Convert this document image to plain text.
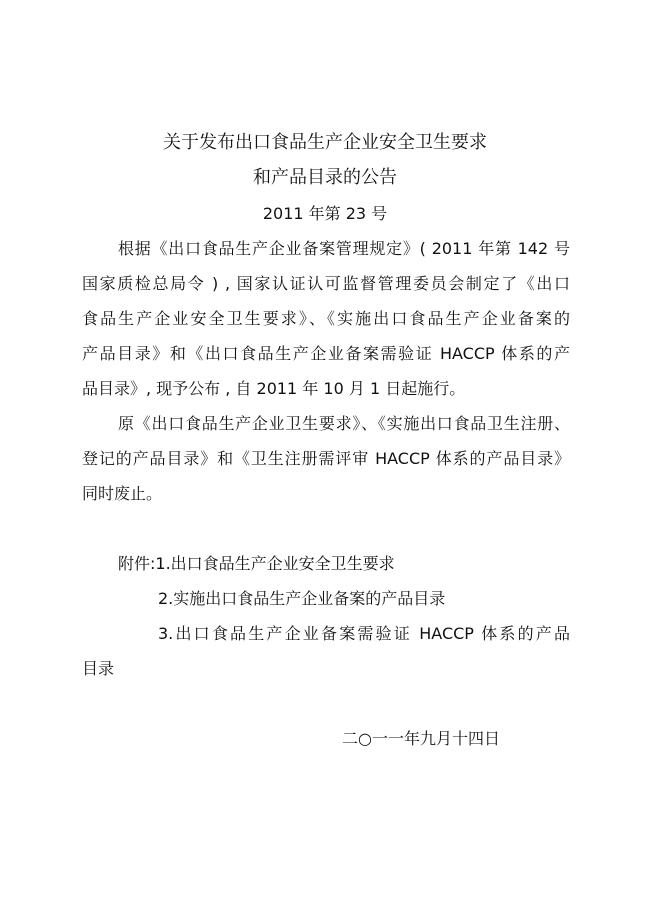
关于发布出口食品生产企业安全卫生要求
和产品目录的公告
2011 年第 23 号
根据《出口食品生产企业备案管理规定》( 2011 年第 142 号
国家质检总局令 ) , 国家认证认可监督管理委员会制定了《出口
食品生产企业安全卫生要求》、《实施出口食品生产企业备案的
产品目录》和《出口食品生产企业备案需验证 HACCP 体系的产
品目录》, 现予公布 , 自 2011 年 10 月 1 日起施行。
原《出口食品生产企业卫生要求》、《实施出口食品卫生注册、
登记的产品目录》和《卫生注册需评审 HACCP 体系的产品目录》
同时废止。
附件:1.出口食品生产企业安全卫生要求
2.实施出口食品生产企业备案的产品目录
3.出口食品生产企业备案需验证 HACCP 体系的产品
目录
二○一一年九月十四日
